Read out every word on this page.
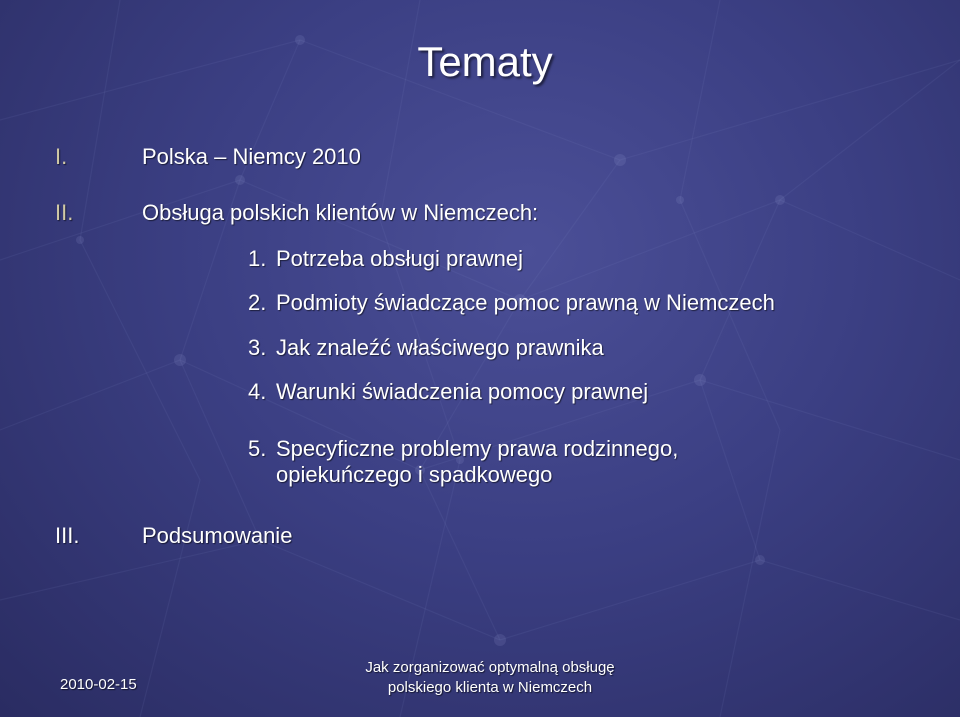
Tematy
I.	Polska – Niemcy 2010
II.	Obsługa polskich klientów w Niemczech:
1. Potrzeba obsługi prawnej
2. Podmioty świadczące pomoc prawną w Niemczech
3. Jak znaleźć właściwego prawnika
4. Warunki świadczenia pomocy prawnej
5. Specyficzne problemy prawa rodzinnego,
opiekuńczego i spadkowego
III.	Podsumowanie
2010-02-15
Jak zorganizować optymalną obsługę
polskiego klienta w Niemczech
